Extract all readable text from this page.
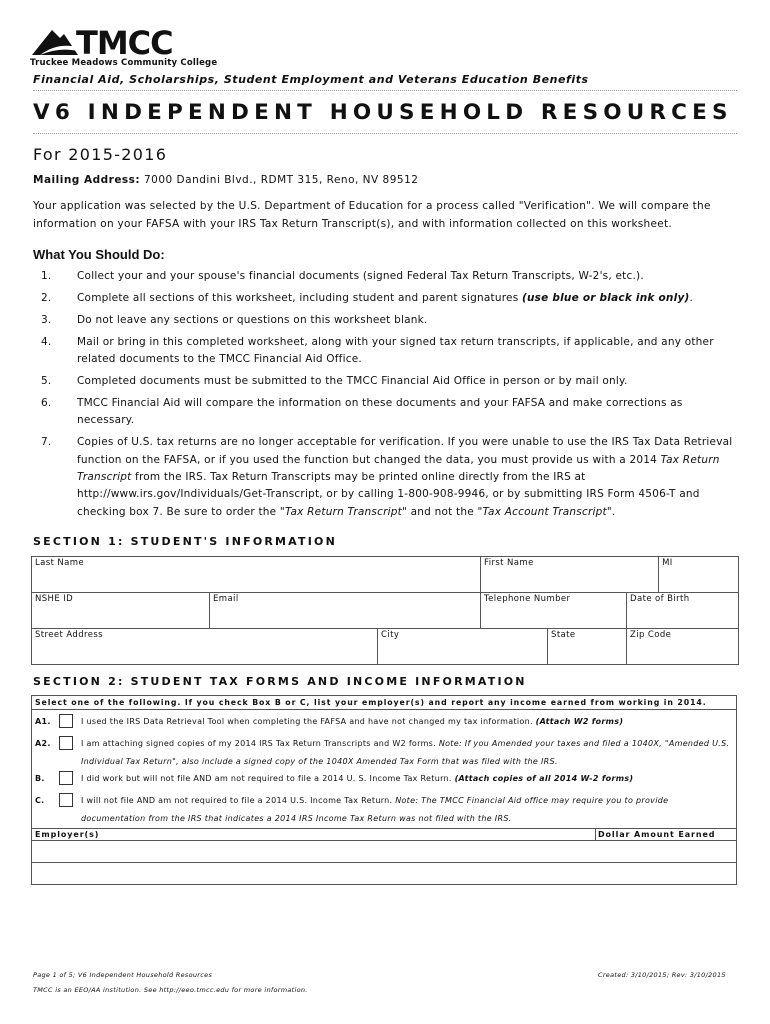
TMCC
Truckee Meadows Community College
Financial Aid, Scholarships, Student Employment and Veterans Education Benefits
V6 INDEPENDENT HOUSEHOLD RESOURCES
For 2015-2016
Mailing Address: 7000 Dandini Blvd., RDMT 315, Reno, NV 89512
Your application was selected by the U.S. Department of Education for a process called "Verification". We will compare the information on your FAFSA with your IRS Tax Return Transcript(s), and with information collected on this worksheet.
What You Should Do:
1. Collect your and your spouse's financial documents (signed Federal Tax Return Transcripts, W-2's, etc.).
2. Complete all sections of this worksheet, including student and parent signatures (use blue or black ink only).
3. Do not leave any sections or questions on this worksheet blank.
4. Mail or bring in this completed worksheet, along with your signed tax return transcripts, if applicable, and any other related documents to the TMCC Financial Aid Office.
5. Completed documents must be submitted to the TMCC Financial Aid Office in person or by mail only.
6. TMCC Financial Aid will compare the information on these documents and your FAFSA and make corrections as necessary.
7. Copies of U.S. tax returns are no longer acceptable for verification. If you were unable to use the IRS Tax Data Retrieval function on the FAFSA, or if you used the function but changed the data, you must provide us with a 2014 Tax Return Transcript from the IRS. Tax Return Transcripts may be printed online directly from the IRS at http://www.irs.gov/Individuals/Get-Transcript, or by calling 1-800-908-9946, or by submitting IRS Form 4506-T and checking box 7. Be sure to order the "Tax Return Transcript" and not the "Tax Account Transcript".
SECTION 1: STUDENT'S INFORMATION
Last Name			First Name			MI
NSHE ID	Email		Telephone Number		Date of Birth	
Street Address		City		State	Zip Code	
SECTION 2: STUDENT TAX FORMS AND INCOME INFORMATION
Select one of the following. If you check Box B or C, list your employer(s) and report any income earned from working in 2014.
A1.	I used the IRS Data Retrieval Tool when completing the FAFSA and have not changed my tax information. (Attach W2 forms)
A2.	I am attaching signed copies of my 2014 IRS Tax Return Transcripts and W2 forms. Note: If you Amended your taxes and filed a 1040X, "Amended U.S. Individual Tax Return", also include a signed copy of the 1040X Amended Tax Form that was filed with the IRS.
B.	I did work but will not file AND am not required to file a 2014 U. S. Income Tax Return. (Attach copies of all 2014 W-2 forms)
C.	I will not file AND am not required to file a 2014 U.S. Income Tax Return. Note: The TMCC Financial Aid office may require you to provide documentation from the IRS that indicates a 2014 IRS Income Tax Return was not filed with the IRS.
Employer(s)	Dollar Amount Earned
Page 1 of 5; V6 Independent Household Resources	Created: 3/10/2015; Rev: 3/10/2015
TMCC is an EEO/AA institution. See http://eeo.tmcc.edu for more information.
